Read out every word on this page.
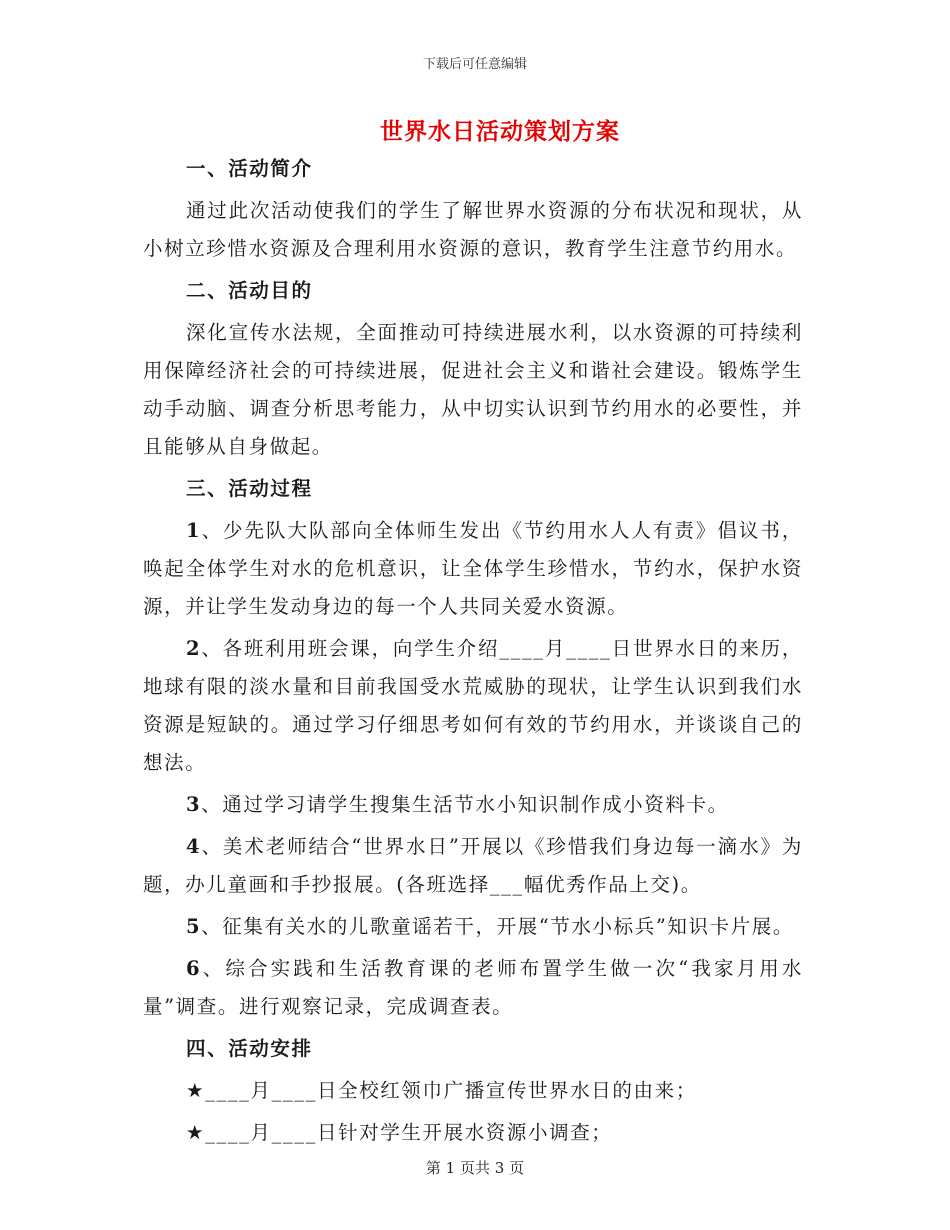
下载后可任意编辑
世界水日活动策划方案

一、活动简介

通过此次活动使我们的学生了解世界水资源的分布状况和现状，从小树立珍惜水资源及合理利用水资源的意识，教育学生注意节约用水。

二、活动目的

深化宣传水法规，全面推动可持续进展水利，以水资源的可持续利用保障经济社会的可持续进展，促进社会主义和谐社会建设。锻炼学生动手动脑、调查分析思考能力，从中切实认识到节约用水的必要性，并且能够从自身做起。

三、活动过程

1、少先队大队部向全体师生发出《节约用水人人有责》倡议书，唤起全体学生对水的危机意识，让全体学生珍惜水，节约水，保护水资源，并让学生发动身边的每一个人共同关爱水资源。

2、各班利用班会课，向学生介绍____月____日世界水日的来历，地球有限的淡水量和目前我国受水荒威胁的现状，让学生认识到我们水资源是短缺的。通过学习仔细思考如何有效的节约用水，并谈谈自己的想法。

3、通过学习请学生搜集生活节水小知识制作成小资料卡。

4、美术老师结合“世界水日”开展以《珍惜我们身边每一滴水》为题，办儿童画和手抄报展。(各班选择___幅优秀作品上交)。

5、征集有关水的儿歌童谣若干，开展“节水小标兵”知识卡片展。

6、综合实践和生活教育课的老师布置学生做一次“我家月用水量”调查。进行观察记录，完成调查表。

四、活动安排

★____月____日全校红领巾广播宣传世界水日的由来；

★____月____日针对学生开展水资源小调查；

第 1 页共 3 页
